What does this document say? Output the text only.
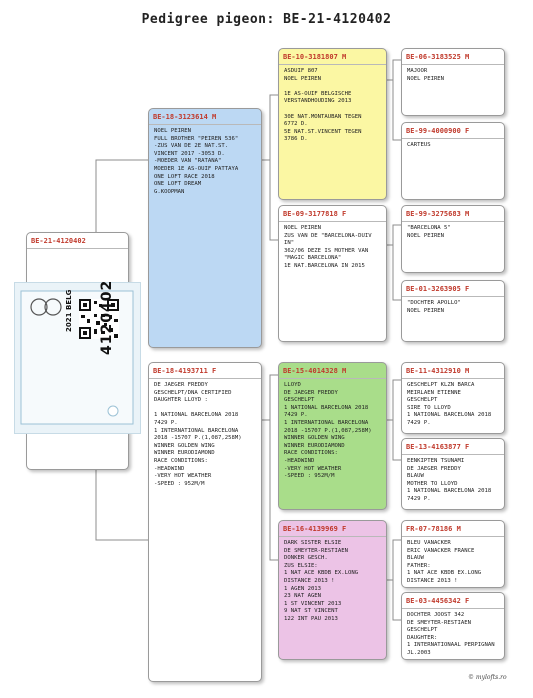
Pedigree pigeon: BE-21-4120402
BE-21-4120402
4120402
2021
BELG
BE-18-3123614 M
NOEL PEIREN
FULL BROTHER "PEIREN 536"
-ZUS VAN DE 2E NAT.ST.
VINCENT 2017 -3053 D.
-MOEDER VAN "RATANA"
MOEDER 1E AS-OUIF PATTAYA
ONE LOFT RACE 2018
ONE LOFT DREAM
G.KOOPMAN
BE-18-4193711 F
DE JAEGER FREDDY
GESCHELPT/DNA CERTIFIED
DAUGHTER LLOYD :

1 NATIONAL BARCELONA 2018
7429 P.
1 INTERNATIONAL BARCELONA
2018 -15707 P.(1,087,258M)
WINNER GOLDEN WING
WINNER EURODIAMOND
RACE CONDITIONS:
-HEADWIND
-VERY HOT WEATHER
-SPEED : 952M/M
BE-10-3181807 M
ASDUIF 807
NOEL PEIREN

1E AS-OUIF BELGISCHE
VERSTANDHOUDING 2013

30E NAT.MONTAUBAN TEGEN
6772 D.
5E NAT.ST.VINCENT TEGEN
3786 D.
BE-09-3177818 F
NOEL PEIREN
ZUS VAN DE "BARCELONA-DUIV
IN"
362/06 DEZE IS MOTHER VAN
"MAGIC BARCELONA"
1E NAT.BARCELONA IN 2015
BE-15-4014328 M
LLOYD
DE JAEGER FREDDY
GESCHELPT
1 NATIONAL BARCELONA 2018
7429 P.
1 INTERNATIONAL BARCELONA
2018 -15707 P.(1,087,258M)
WINNER GOLDEN WING
WINNER EURODIAMOND
RACE CONDITIONS:
-HEADWIND
-VERY HOT WEATHER
-SPEED : 952M/M
BE-16-4139969 F
DARK SISTER ELSIE
DE SMEYTER-RESTIAEN
DONKER GESCH.
ZUS ELSIE:
1 NAT ACE KBDB EX.LONG
DISTANCE 2013 !
1 AGEN 2013
23 NAT AGEN
1 ST VINCENT 2013
9 NAT ST VINCENT
122 INT PAU 2013
BE-06-3183525 M
MAJOOR
NOEL PEIREN
BE-99-4000900 F
CARTEUS
BE-99-3275683 M
"BARCELONA 5"
NOEL PEIREN
BE-01-3263905 F
"DOCHTER APOLLO"
NOEL PEIREN
BE-11-4312910 M
GESCHELPT KLZN BARCA
MEIRLAEN ETIENNE
GESCHELPT
SIRE TO LLOYD
1 NATIONAL BARCELONA 2018
7429 P.
BE-13-4163877 F
EENKIPTEN TSUNAMI
DE JAEGER FREDDY
BLAUW
MOTHER TO LLOYD
1 NATIONAL BARCELONA 2018
7429 P.
FR-07-78186 M
BLEU VANACKER
ERIC VANACKER FRANCE
BLAUW
FATHER:
1 NAT ACE KBDB EX.LONG
DISTANCE 2013 !
BE-03-4456342 F
DOCHTER JOOST 342
DE SMEYTER-RESTIAEN
GESCHELPT
DAUGHTER:
1 INTERNATIONAAL PERPIGNAN
JL.2003
© mylofts.ro
